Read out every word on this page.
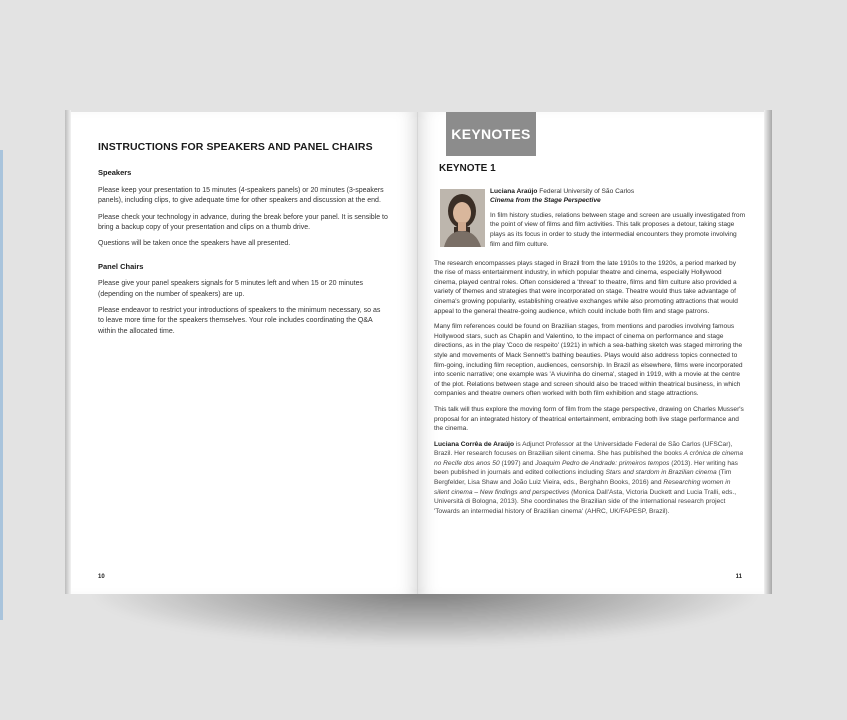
INSTRUCTIONS FOR SPEAKERS AND PANEL CHAIRS
Speakers

Please keep your presentation to 15 minutes (4-speakers panels) or 20 minutes (3-speakers panels), including clips, to give adequate time for other speakers and discussion at the end.

Please check your technology in advance, during the break before your panel. It is sensible to bring a backup copy of your presentation and clips on a thumb drive.

Questions will be taken once the speakers have all presented.

Panel Chairs

Please give your panel speakers signals for 5 minutes left and when 15 or 20 minutes (depending on the number of speakers) are up.

Please endeavor to restrict your introductions of speakers to the minimum necessary, so as to leave more time for the speakers themselves. Your role includes coordinating the Q&A within the allocated time.

10
KEYNOTES
KEYNOTE 1

Luciana Araújo Federal University of São Carlos

Cinema from the Stage Perspective

In film history studies, relations between stage and screen are usually investigated from the point of view of films and film activities. This talk proposes a detour, taking stage plays as its focus in order to study the intermedial encounters they promote involving film and film culture.

The research encompasses plays staged in Brazil from the late 1910s to the 1920s, a period marked by the rise of mass entertainment industry, in which popular theatre and cinema, especially Hollywood cinema, played central roles. Often considered a 'threat' to theatre, films and film culture also provided a variety of themes and strategies that were incorporated on stage. Theatre would thus take advantage of cinema's growing popularity, establishing creative exchanges while also promoting attractions that would appeal to the general theatre-going audience, which could include both film and stage patrons.

Many film references could be found on Brazilian stages, from mentions and parodies involving famous Hollywood stars, such as Chaplin and Valentino, to the impact of cinema on performance and stage directions, as in the play 'Coco de respeito' (1921) in which a sea-bathing sketch was staged mirroring the style and movements of Mack Sennett's bathing beauties. Plays would also address topics connected to film-going, including film reception, audiences, censorship. In Brazil as elsewhere, films were incorporated into scenic narrative; one example was 'A viuvinha do cinema', staged in 1919, with a movie at the centre of the plot. Relations between stage and screen should also be traced within theatrical business, in which companies and theatre owners often worked with both film exhibition and stage attractions.

This talk will thus explore the moving form of film from the stage perspective, drawing on Charles Musser's proposal for an integrated history of theatrical entertainment, embracing both live stage performance and the cinema.

Luciana Corrêa de Araújo is Adjunct Professor at the Universidade Federal de São Carlos (UFSCar), Brazil. Her research focuses on Brazilian silent cinema. She has published the books A crônica de cinema no Recife dos anos 50 (1997) and Joaquim Pedro de Andrade: primeiros tempos (2013). Her writing has been published in journals and edited collections including Stars and stardom in Brazilian cinema (Tim Bergfelder, Lisa Shaw and João Luiz Vieira, eds., Berghahn Books, 2016) and Researching women in silent cinema – New findings and perspectives (Monica Dall'Asta, Victoria Duckett and Lucia Tralli, eds., Università di Bologna, 2013). She coordinates the Brazilian side of the international research project 'Towards an intermedial history of Brazilian cinema' (AHRC, UK/FAPESP, Brazil).

11
